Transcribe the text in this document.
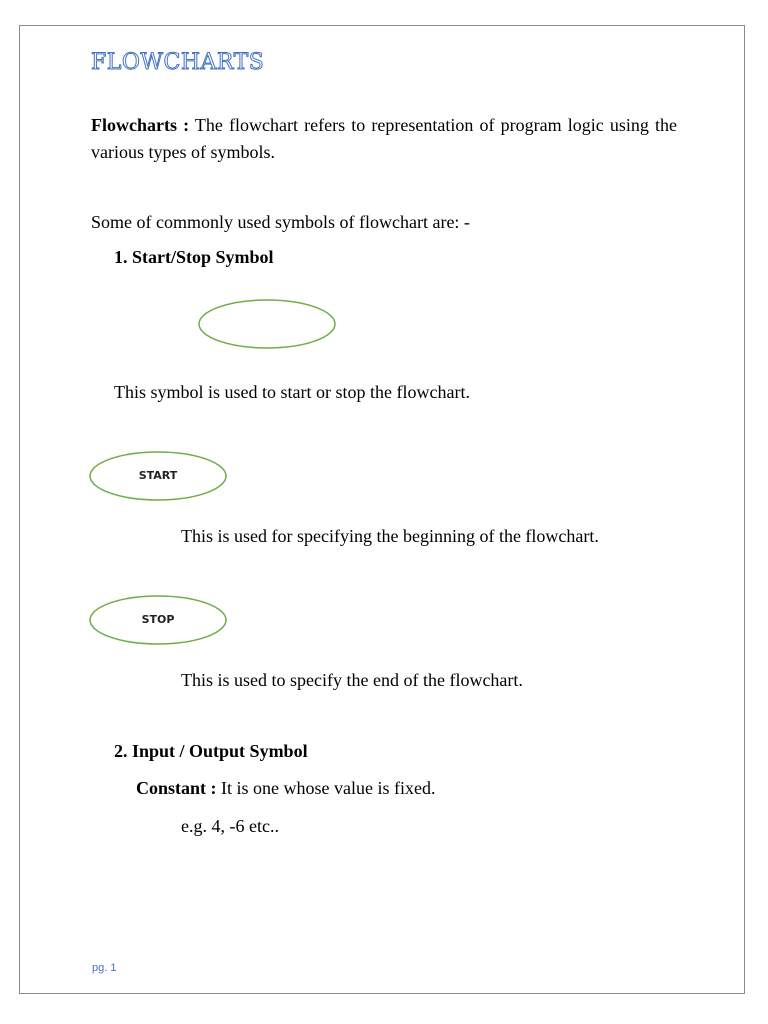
FLOWCHARTS
Flowcharts : The flowchart refers to representation of program logic using the various types of symbols.
Some of commonly used symbols of flowchart are: -
1. Start/Stop Symbol
This symbol is used to start or stop the flowchart.
START
This is used for specifying the beginning of the flowchart.
STOP
This is used to specify the end of the flowchart.
2. Input / Output Symbol
Constant : It is one whose value is fixed.
e.g. 4, -6 etc..
pg. 1
